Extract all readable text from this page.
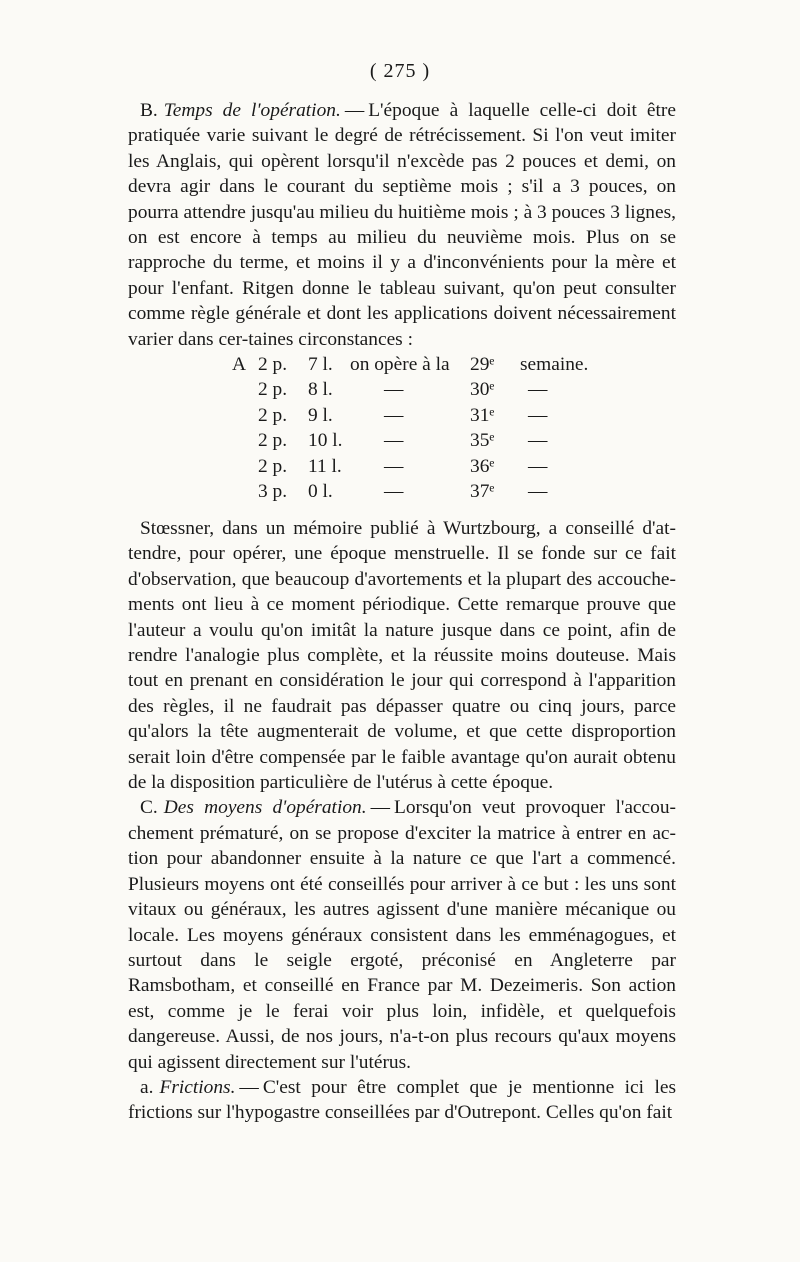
( 275 )

B. Temps de l'opération. — L'époque à laquelle celle-ci doit être pratiquée varie suivant le degré de rétrécissement. Si l'on veut imiter les Anglais, qui opèrent lorsqu'il n'excède pas 2 pouces et demi, on devra agir dans le courant du septième mois ; s'il a 3 pouces, on pourra attendre jusqu'au milieu du huitième mois ; à 3 pouces 3 lignes, on est encore à temps au milieu du neuvième mois. Plus on se rapproche du terme, et moins il y a d'inconvénients pour la mère et pour l'enfant. Ritgen donne le tableau suivant, qu'on peut consulter comme règle générale et dont les applications doivent nécessairement varier dans cer-taines circonstances :

A 2 p. 7 l. on opère à la 29ᵉ semaine.
2 p. 8 l.	—	30ᵉ —
2 p. 9 l.	—	31ᵉ —
2 p. 10 l. —	35ᵉ —
2 p. 11 l. —	36ᵉ —
3 p. 0 l.	—	37ᵉ —

Stœssner, dans un mémoire publié à Wurtzbourg, a conseillé d'at-tendre, pour opérer, une époque menstruelle. Il se fonde sur ce fait d'observation, que beaucoup d'avortements et la plupart des accouche-ments ont lieu à ce moment périodique. Cette remarque prouve que l'auteur a voulu qu'on imitât la nature jusque dans ce point, afin de rendre l'analogie plus complète, et la réussite moins douteuse. Mais tout en prenant en considération le jour qui correspond à l'apparition des règles, il ne faudrait pas dépasser quatre ou cinq jours, parce qu'alors la tête augmenterait de volume, et que cette disproportion serait loin d'être compensée par le faible avantage qu'on aurait obtenu de la disposition particulière de l'utérus à cette époque.

C. Des moyens d'opération. — Lorsqu'on veut provoquer l'accou-chement prématuré, on se propose d'exciter la matrice à entrer en ac-tion pour abandonner ensuite à la nature ce que l'art a commencé. Plusieurs moyens ont été conseillés pour arriver à ce but : les uns sont vitaux ou généraux, les autres agissent d'une manière mécanique ou locale. Les moyens généraux consistent dans les emménagogues, et surtout dans le seigle ergoté, préconisé en Angleterre par Ramsbotham, et conseillé en France par M. Dezeimeris. Son action est, comme je le ferai voir plus loin, infidèle, et quelquefois dangereuse. Aussi, de nos jours, n'a-t-on plus recours qu'aux moyens qui agissent directement sur l'utérus.

a. Frictions. — C'est pour être complet que je mentionne ici les frictions sur l'hypogastre conseillées par d'Outrepont. Celles qu'on fait
